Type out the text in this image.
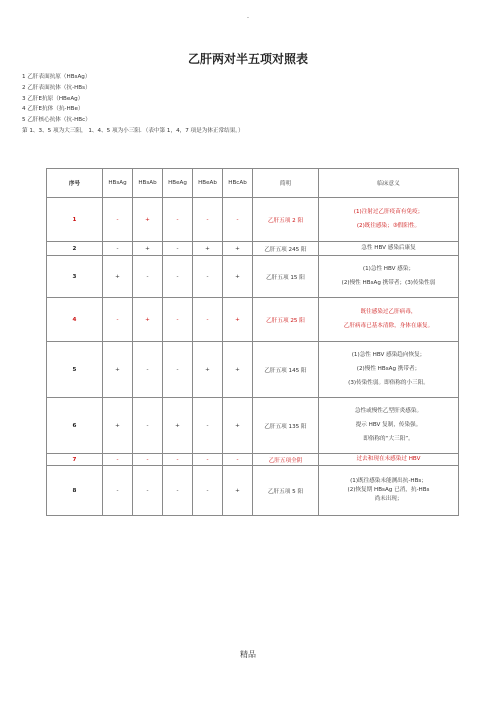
-
乙肝两对半五项对照表
1 乙肝表面抗原（HBsAg）
2 乙肝表面抗体（抗-HBs）
3 乙肝E抗原（HBeAg）
4 乙肝E抗体（抗-HBe）
5 乙肝核心抗体（抗-HBc）
第 1、3、5 项为大三阳， 1、4、5 项为小三阳．（表中第 1，4，7 项是为体正常结果。）
序号	HBsAg	HBsAb	HBeAg	HBeAb	HBcAb	简明	临床意义
1	-	+	-	-	-	乙肝五项 2 阳	(1)注射过乙肝疫苗有免疫；
(2)既往感染；③假阳性。

2	-	+	-	+	+	乙肝五项 245 阳	急性 HBV 感染后康复

3	+	-	-	-	+	乙肝五项 15 阳	(1)急性 HBV 感染；
(2)慢性 HBsAg 携带者；(3)传染性弱

4	-	+	-	-	+	乙肝五项 25 阳	既往感染过乙肝病毒，
乙肝病毒已基本清除，身体在康复。

5	+	-	-	+	+	乙肝五项 145 阳	(1)急性 HBV 感染趋向恢复；
(2)慢性 HBsAg 携带者；
(3)传染性弱。即俗称的小三阳。

6	+	-	+	-	+	乙肝五项 135 阳	急性或慢性乙型肝炎感染。
提示 HBV 复制，传染强。
即俗称的“大三阳”。

7	-	-	-	-	-	乙肝五项全阴	过去和现在未感染过 HBV

8	-	-	-	-	+	乙肝五项 5 阳	(1)既往感染未能测出抗-HBs；
(2)恢复期 HBsAg 已消，抗-HBs
尚未出现；
精品
